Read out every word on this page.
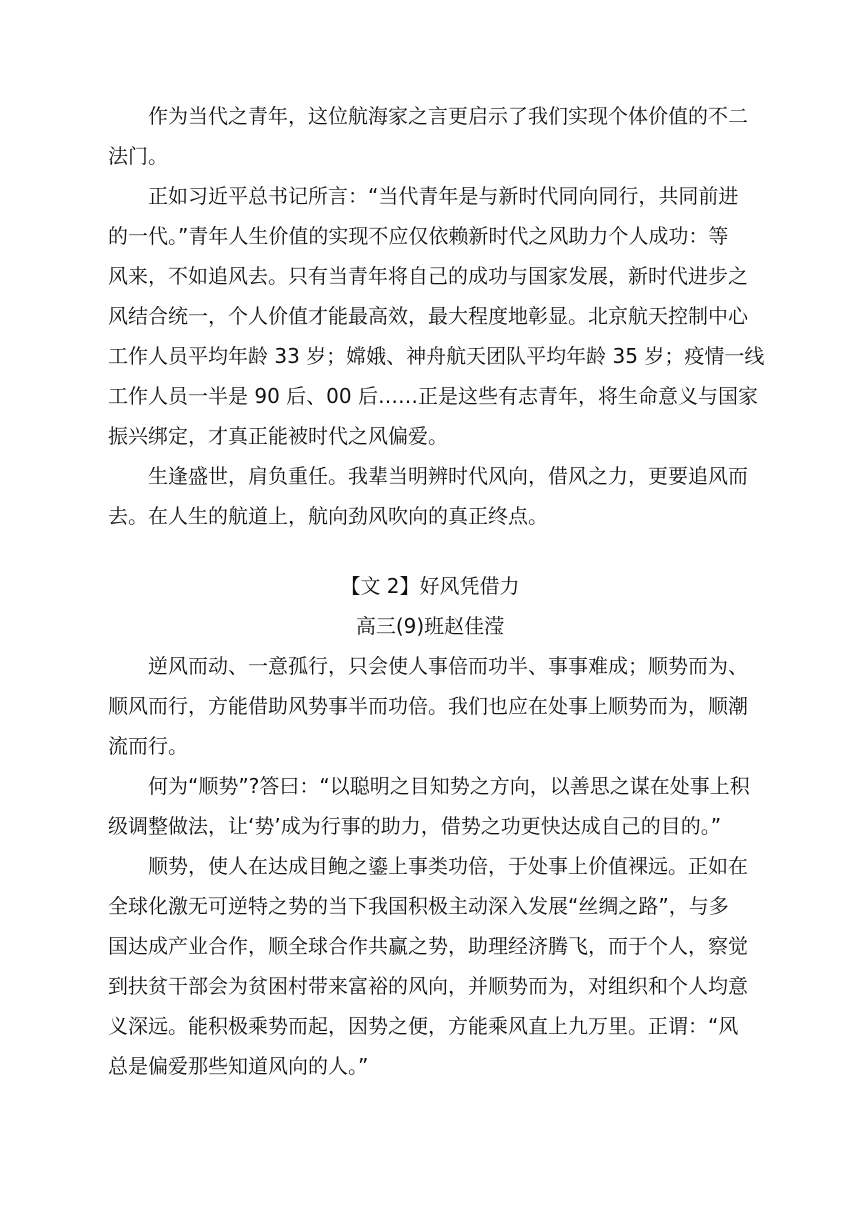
作为当代之青年，这位航海家之言更启示了我们实现个体价值的不二
法门。
正如习近平总书记所言：“当代青年是与新时代同向同行，共同前进
的一代。”青年人生价值的实现不应仅依赖新时代之风助力个人成功：等
风来，不如追风去。只有当青年将自己的成功与国家发展，新时代进步之
风结合统一，个人价值才能最高效，最大程度地彰显。北京航天控制中心
工作人员平均年龄 33 岁；嫦娥、神舟航天团队平均年龄 35 岁；疫情一线
工作人员一半是 90 后、00 后……正是这些有志青年，将生命意义与国家
振兴绑定，才真正能被时代之风偏爱。
生逢盛世，肩负重任。我辈当明辨时代风向，借风之力，更要追风而
去。在人生的航道上，航向劲风吹向的真正终点。
【文 2】好风凭借力
高三(9)班赵佳滢
逆风而动、一意孤行，只会使人事倍而功半、事事难成；顺势而为、
顺风而行，方能借助风势事半而功倍。我们也应在处事上顺势而为，顺潮
流而行。
何为“顺势”?答曰：“以聪明之目知势之方向，以善思之谋在处事上积
级调整做法，让‘势’成为行事的助力，借势之功更快达成自己的目的。”
顺势，使人在达成目鲍之鎏上事类功倍，于处事上价值裸远。正如在
全球化激无可逆特之势的当下我国积极主动深入发展“丝绸之路”，与多
国达成产业合作，顺全球合作共赢之势，助理经济腾飞，而于个人，察觉
到扶贫干部会为贫困村带来富裕的风向，并顺势而为，对组织和个人均意
义深远。能积极乘势而起，因势之便，方能乘风直上九万里。正谓：“风
总是偏爱那些知道风向的人。”
